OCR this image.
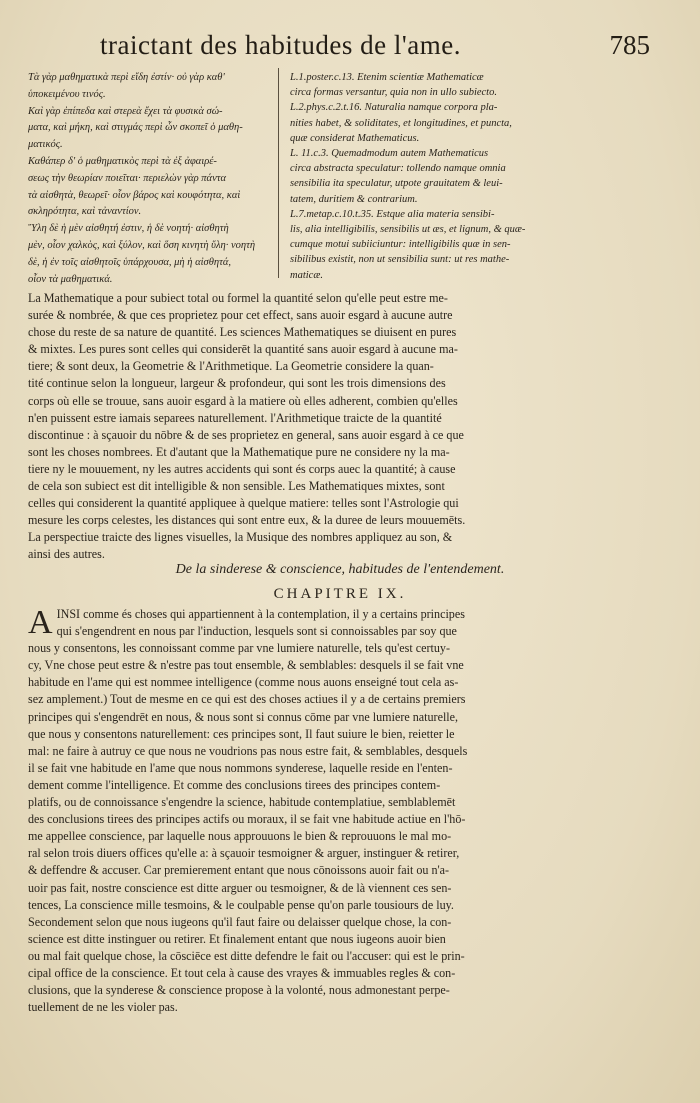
traictant des habitudes de l'ame.	785
Τὰ γὰρ μαθηματικὰ περὶ εἴδη ἐστίν· οὐ γὰρ καθ'
ὑποκειμένου τινός.
Καὶ γὰρ ἐπίπεδα καὶ στερεὰ ἔχει τὰ φυσικὰ σώ-
ματα, καὶ μήκη, καὶ στιγμάς περὶ ὧν σκοπεῖ ὁ μαθη-
ματικός.
Καθάπερ δ' ὁ μαθηματικὸς περὶ τὰ ἐξ ἀφαιρέ-
σεως τὴν θεωρίαν ποιεῖται· περιελὼν γὰρ πάντα
τὰ αἰσθητὰ, θεωρεῖ· οἷον βάρος καὶ κουφότητα, καὶ
σκληρότητα, καὶ τἀναντίον.
Ὕλη δὲ ἡ μὲν αἰσθητή ἐστιν, ἡ δὲ νοητή· αἰσθητὴ
μὲν, οἷον χαλκὸς, καὶ ξύλον, καὶ ὅση κινητὴ ὕλη· νοητὴ
δὲ, ἡ ἐν τοῖς αἰσθητοῖς ὑπάρχουσα, μὴ ἡ αἰσθητά,
οἷον τὰ μαθηματικά.
L.1.poster.c.13. Etenim scientiæ Mathematicæ
circa formas versantur, quia non in ullo subiecto.
L.2.phys.c.2.t.16. Naturalia namque corpora pla-
nities habet, & soliditates, et longitudines, et puncta,
quæ considerat Mathematicus.
L. 11.c.3. Quemadmodum autem Mathematicus
circa abstracta speculatur: tollendo namque omnia
sensibilia ita speculatur, utpote grauitatem & leui-
tatem, duritiem & contrarium.
L.7.metap.c.10.t.35. Estque alia materia sensibi-
lis, alia intelligibilis, sensibilis ut æs, et lignum, & quæ-
cumque motui subiiciuntur: intelligibilis quæ in sen-
sibilibus existit, non ut sensibilia sunt: ut res mathe-
maticæ.
La Mathematique a pour subiect total ou formel la quantité selon qu'elle peut estre me-
surée & nombrée, & que ces proprietez pour cet effect, sans auoir esgard à aucune autre
chose du reste de sa nature de quantité. Les sciences Mathematiques se diuisent en pures
& mixtes. Les pures sont celles qui considerēt la quantité sans auoir esgard à aucune ma-
tiere; & sont deux, la Geometrie & l'Arithmetique. La Geometrie considere la quan-
tité continue selon la longueur, largeur & profondeur, qui sont les trois dimensions des
corps où elle se trouue, sans auoir esgard à la matiere où elles adherent, combien qu'elles
n'en puissent estre iamais separees naturellement. l'Arithmetique traicte de la quantité
discontinue : à sçauoir du nōbre & de ses proprietez en general, sans auoir esgard à ce que
sont les choses nombrees. Et d'autant que la Mathematique pure ne considere ny la ma-
tiere ny le mouuement, ny les autres accidents qui sont és corps auec la quantité; à cause
de cela son subiect est dit intelligible & non sensible. Les Mathematiques mixtes, sont
celles qui considerent la quantité appliquee à quelque matiere: telles sont l'Astrologie qui
mesure les corps celestes, les distances qui sont entre eux, & la duree de leurs mouuemēts.
La perspectiue traicte des lignes visuelles, la Musique des nombres appliquez au son, &
ainsi des autres.
De la sinderese & conscience, habitudes de l'entendement.
CHAPITRE IX.
A INSI comme és choses qui appartiennent à la contemplation, il y a certains principes
qui s'engendrent en nous par l'induction, lesquels sont si connoissables par soy que
nous y consentons, les connoissant comme par vne lumiere naturelle, tels qu'est certuy-
cy, Vne chose peut estre & n'estre pas tout ensemble, & semblables: desquels il se fait vne
habitude en l'ame qui est nommee intelligence (comme nous auons enseigné tout cela as-
sez amplement.) Tout de mesme en ce qui est des choses actiues il y a de certains premiers
principes qui s'engendrēt en nous, & nous sont si connus cōme par vne lumiere naturelle,
que nous y consentons naturellement: ces principes sont, Il faut suiure le bien, reietter le
mal: ne faire à autruy ce que nous ne voudrions pas nous estre fait, & semblables, desquels
il se fait vne habitude en l'ame que nous nommons synderese, laquelle reside en l'enten-
dement comme l'intelligence. Et comme des conclusions tirees des principes contem-
platifs, ou de connoissance s'engendre la science, habitude contemplatiue, semblablemēt
des conclusions tirees des principes actifs ou moraux, il se fait vne habitude actiue en l'hō-
me appellee conscience, par laquelle nous approuuons le bien & reprouuons le mal mo-
ral selon trois diuers offices qu'elle a: à sçauoir tesmoigner & arguer, instinguer & retirer,
& deffendre & accuser. Car premierement entant que nous cōnoissons auoir fait ou n'a-
uoir pas fait, nostre conscience est ditte arguer ou tesmoigner, & de là viennent ces sen-
tences, La conscience mille tesmoins, & le coulpable pense qu'on parle tousiours de luy.
Secondement selon que nous iugeons qu'il faut faire ou delaisser quelque chose, la con-
science est ditte instinguer ou retirer. Et finalement entant que nous iugeons auoir bien
ou mal fait quelque chose, la cōsciēce est ditte defendre le fait ou l'accuser: qui est le prin-
cipal office de la conscience. Et tout cela à cause des vrayes & immuables regles & con-
clusions, que la synderese & conscience propose à la volonté, nous admonestant perpe-
tuellement de ne les violer pas.
